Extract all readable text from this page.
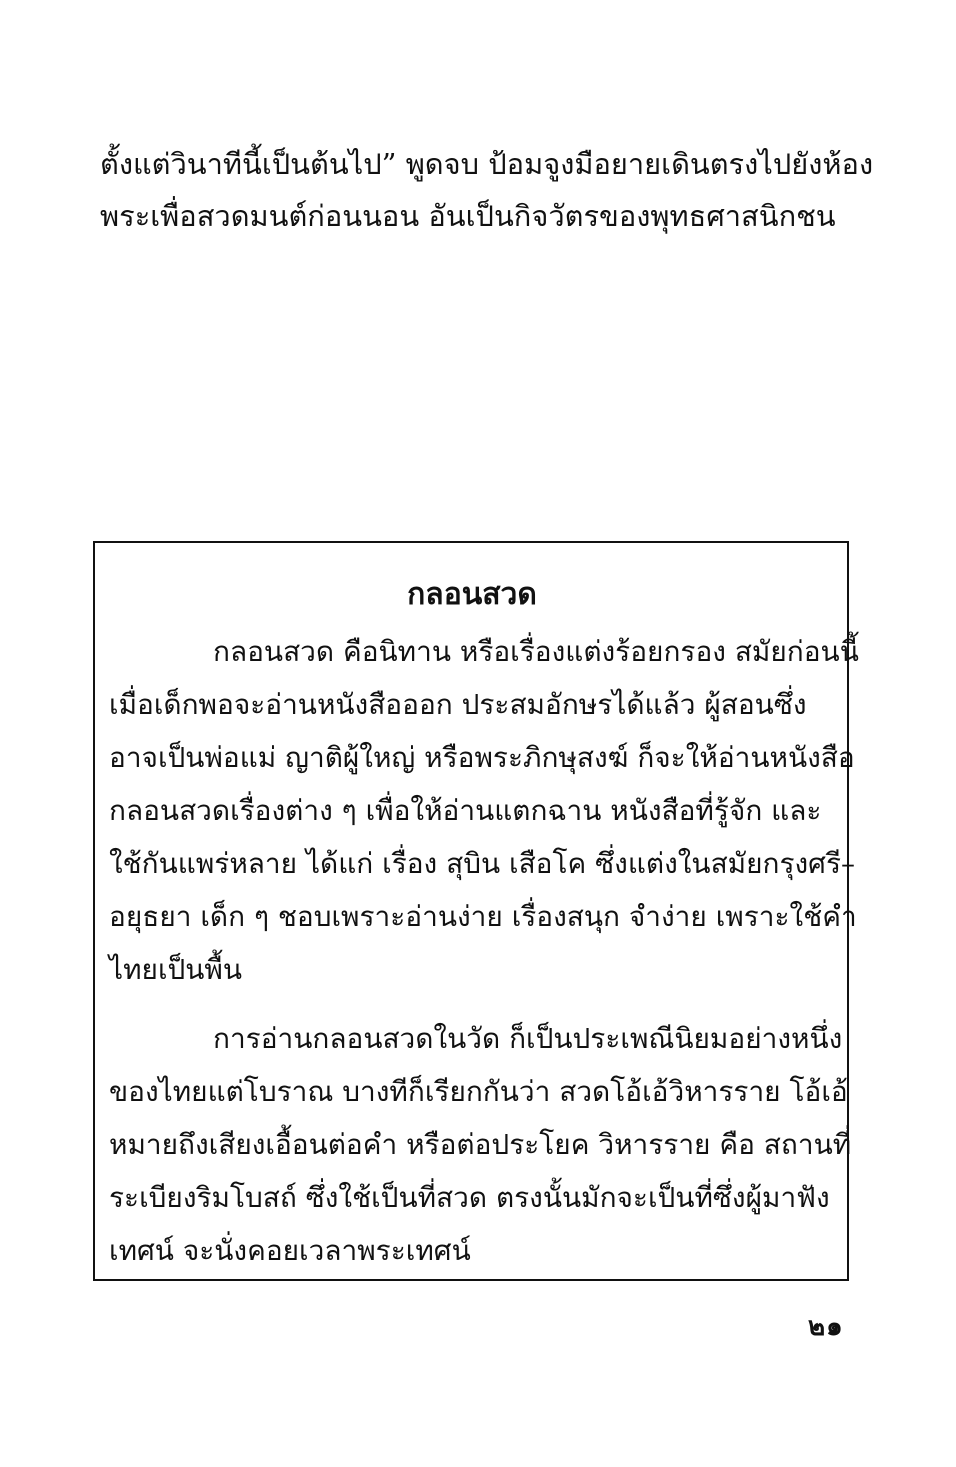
ตั้งแต่วินาทีนี้เป็นต้นไป” พูดจบ ป้อมจูงมือยายเดินตรงไปยังห้อง
พระเพื่อสวดมนต์ก่อนนอน อันเป็นกิจวัตรของพุทธศาสนิกชน
กลอนสวด
กลอนสวด คือนิทาน หรือเรื่องแต่งร้อยกรอง สมัยก่อนนี้
เมื่อเด็กพอจะอ่านหนังสือออก ประสมอักษรได้แล้ว ผู้สอนซึ่ง
อาจเป็นพ่อแม่ ญาติผู้ใหญ่ หรือพระภิกษุสงฆ์ ก็จะให้อ่านหนังสือ
กลอนสวดเรื่องต่าง ๆ เพื่อให้อ่านแตกฉาน หนังสือที่รู้จัก และ
ใช้กันแพร่หลาย ได้แก่ เรื่อง สุบิน เสือโค ซึ่งแต่งในสมัยกรุงศรี–
อยุธยา เด็ก ๆ ชอบเพราะอ่านง่าย เรื่องสนุก จำง่าย เพราะใช้คำ
ไทยเป็นพื้น
การอ่านกลอนสวดในวัด ก็เป็นประเพณีนิยมอย่างหนึ่ง
ของไทยแต่โบราณ บางทีก็เรียกกันว่า สวดโอ้เอ้วิหารราย โอ้เอ้
หมายถึงเสียงเอื้อนต่อคำ หรือต่อประโยค วิหารราย คือ สถานที่
ระเบียงริมโบสถ์ ซึ่งใช้เป็นที่สวด ตรงนั้นมักจะเป็นที่ซึ่งผู้มาฟัง
เทศน์ จะนั่งคอยเวลาพระเทศน์
๒๑
